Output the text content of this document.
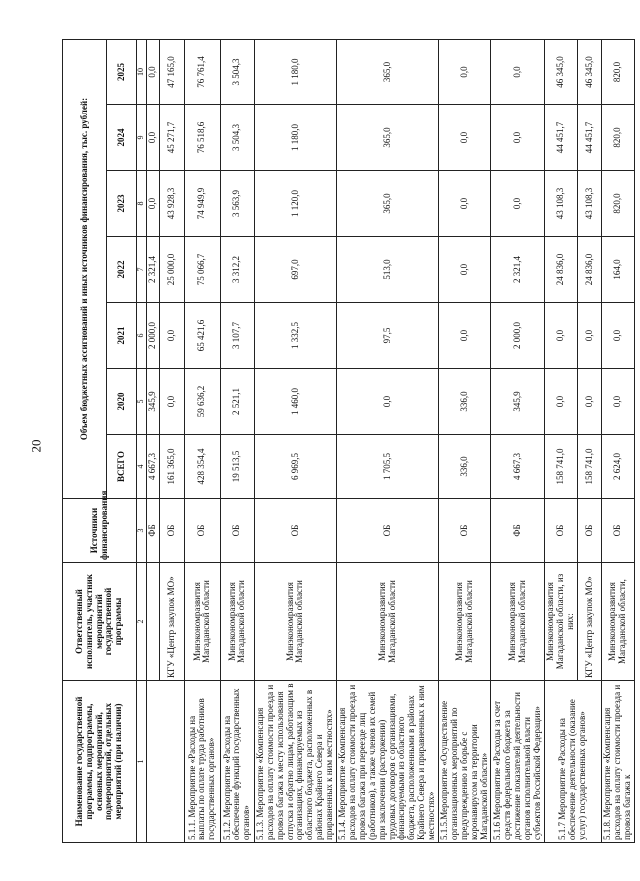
20
Наименование государственной программы, подпрограммы, основных мероприятий, подмероприятий, отдельных мероприятий (при наличии)	Ответственный исполнитель, участник мероприятий государственной программы	Источники финансирования	Объем бюджетных ассигнований и иных источников финансирования, тыс. рублей:						
			ВСЕГО	2020	2021	2022	2023	2024	2025
1	2	3	4	5	6	7	8	9	10
		ФБ	4 667,3	345,9	2 000,0	2 321,4	0,0	0,0	0,0
	КГУ «Центр закупок МО»	ОБ	161 365,0	0,0	0,0	25 000,0	43 928,3	45 271,7	47 165,0
5.1.1. Мероприятие «Расходы на выплаты по оплате труда работников государственных органов»	Минэкономразвития Магаданской области	ОБ	428 354,4	59 636,2	65 421,6	75 066,7	74 949,9	76 518,6	76 761,4
5.1.2. Мероприятие «Расходы на обеспечение функций государственных органов»	Минэкономразвития Магаданской области	ОБ	19 513,5	2 521,1	3 107,7	3 312,2	3 563,9	3 504,3	3 504,3
5.1.3. Мероприятие «Компенсация расходов на оплату стоимости проезда и провоза багажа к месту использования отпуска и обратно лицам, работающим в организациях, финансируемых из областного бюджета, расположенных в районах Крайнего Севера и приравненных к ним местностях»	Минэкономразвития Магаданской области	ОБ	6 969,5	1 460,0	1 332,5	697,0	1 120,0	1 180,0	1 180,0
5.1.4. Мероприятие «Компенсация расходов на оплату стоимости проезда и провоза багажа при переезде лиц (работников), а также членов их семей при заключении (расторжении) трудовых договоров с организациями, финансируемыми из областного бюджета, расположенными в районах Крайнего Севера и приравненных к ним местностях»	Минэкономразвития Магаданской области	ОБ	1 705,5	0,0	97,5	513,0	365,0	365,0	365,0
5.1.5.Мероприятие «Осуществление организационных мероприятий по предупреждению и борьбе с коронавирусом на территории Магаданской области»	Минэкономразвития Магаданской области	ОБ	336,0	336,0	0,0	0,0	0,0	0,0	0,0
5.1.6 Мероприятие «Расходы за счет средств федерального бюджета за достижение показателей деятельности органов исполнительной власти субъектов Российской Федерации»	Минэкономразвития Магаданской области	ФБ	4 667,3	345,9	2 000,0	2 321,4	0,0	0,0	0,0
5.1.7 Мероприятие «Расходы на обеспечение деятельности (оказание услуг) государственных органов»	Минэкономразвития Магаданской области, из них:	ОБ	158 741,0	0,0	0,0	24 836,0	43 108,3	44 451,7	46 345,0
	КГУ «Центр закупок МО»	ОБ	158 741,0	0,0	0,0	24 836,0	43 108,3	44 451,7	46 345,0
5.1.8. Мероприятие «Компенсация расходов на оплату стоимости проезда и провоза багажа к	Минэкономразвития Магаданской области,	ОБ	2 624,0	0,0	0,0	164,0	820,0	820,0	820,0
